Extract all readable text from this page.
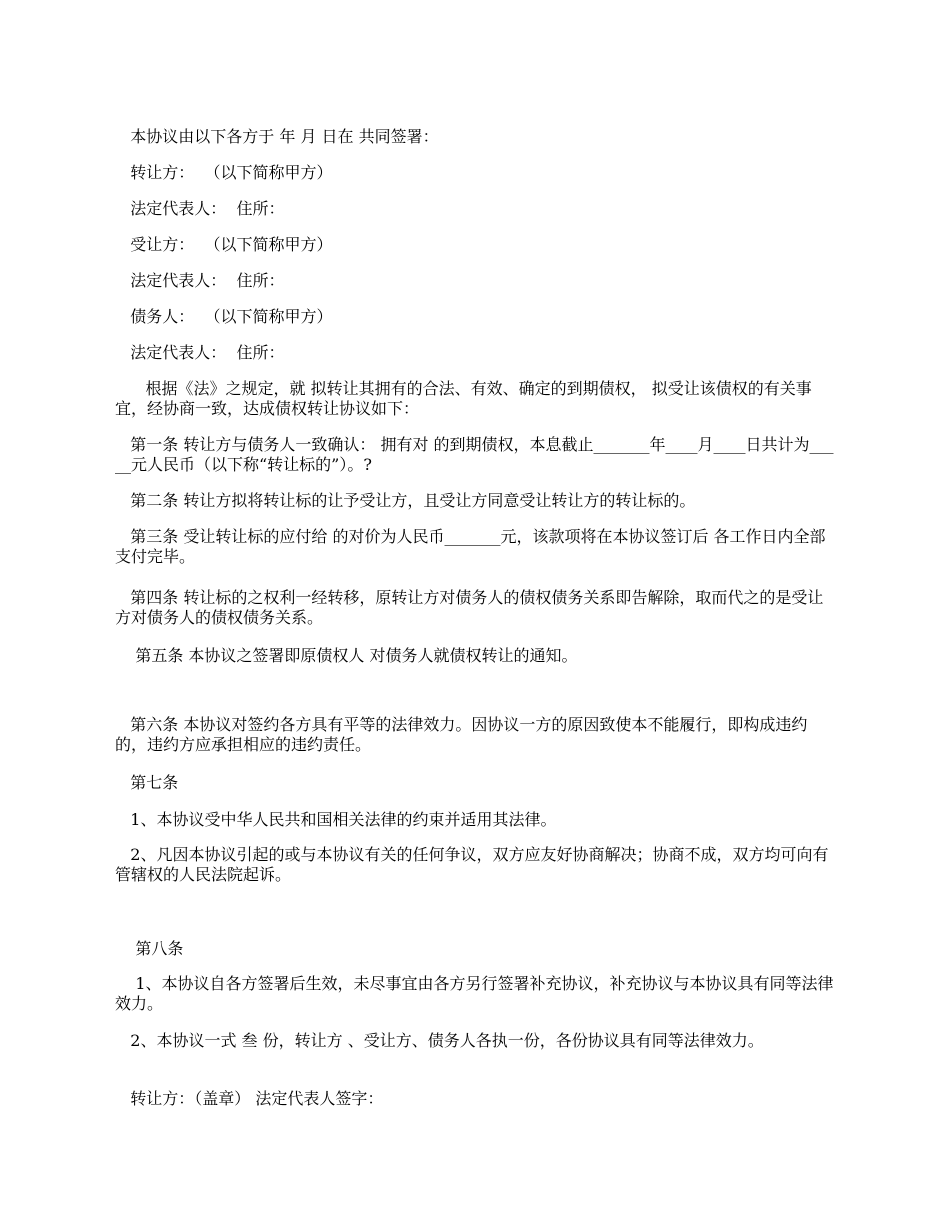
本协议由以下各方于 年 月 日在 共同签署：

转让方：  （以下简称甲方）

法定代表人：  住所：

受让方：  （以下简称甲方）

法定代表人：  住所：

债务人：  （以下简称甲方）

法定代表人：  住所：

根据《法》之规定，就 拟转让其拥有的合法、有效、确定的到期债权， 拟受让该债权的有关事宜，经协商一致，达成债权转让协议如下：

第一条 转让方与债务人一致确认： 拥有对 的到期债权，本息截止_______年____月____日共计为_____元人民币（以下称“转让标的”）。?

第二条 转让方拟将转让标的让予受让方，且受让方同意受让转让方的转让标的。

第三条 受让转让标的应付给 的对价为人民币_______元，该款项将在本协议签订后 各工作日内全部支付完毕。

第四条 转让标的之权利一经转移，原转让方对债务人的债权债务关系即告解除，取而代之的是受让方对债务人的债权债务关系。

第五条 本协议之签署即原债权人 对债务人就债权转让的通知。

第六条 本协议对签约各方具有平等的法律效力。因协议一方的原因致使本不能履行，即构成违约的，违约方应承担相应的违约责任。

第七条

1、本协议受中华人民共和国相关法律的约束并适用其法律。

2、凡因本协议引起的或与本协议有关的任何争议，双方应友好协商解决；协商不成，双方均可向有管辖权的人民法院起诉。

第八条

1、本协议自各方签署后生效，未尽事宜由各方另行签署补充协议，补充协议与本协议具有同等法律效力。

2、本协议一式 叁 份，转让方 、受让方、债务人各执一份，各份协议具有同等法律效力。

转让方：（盖章） 法定代表人签字：
